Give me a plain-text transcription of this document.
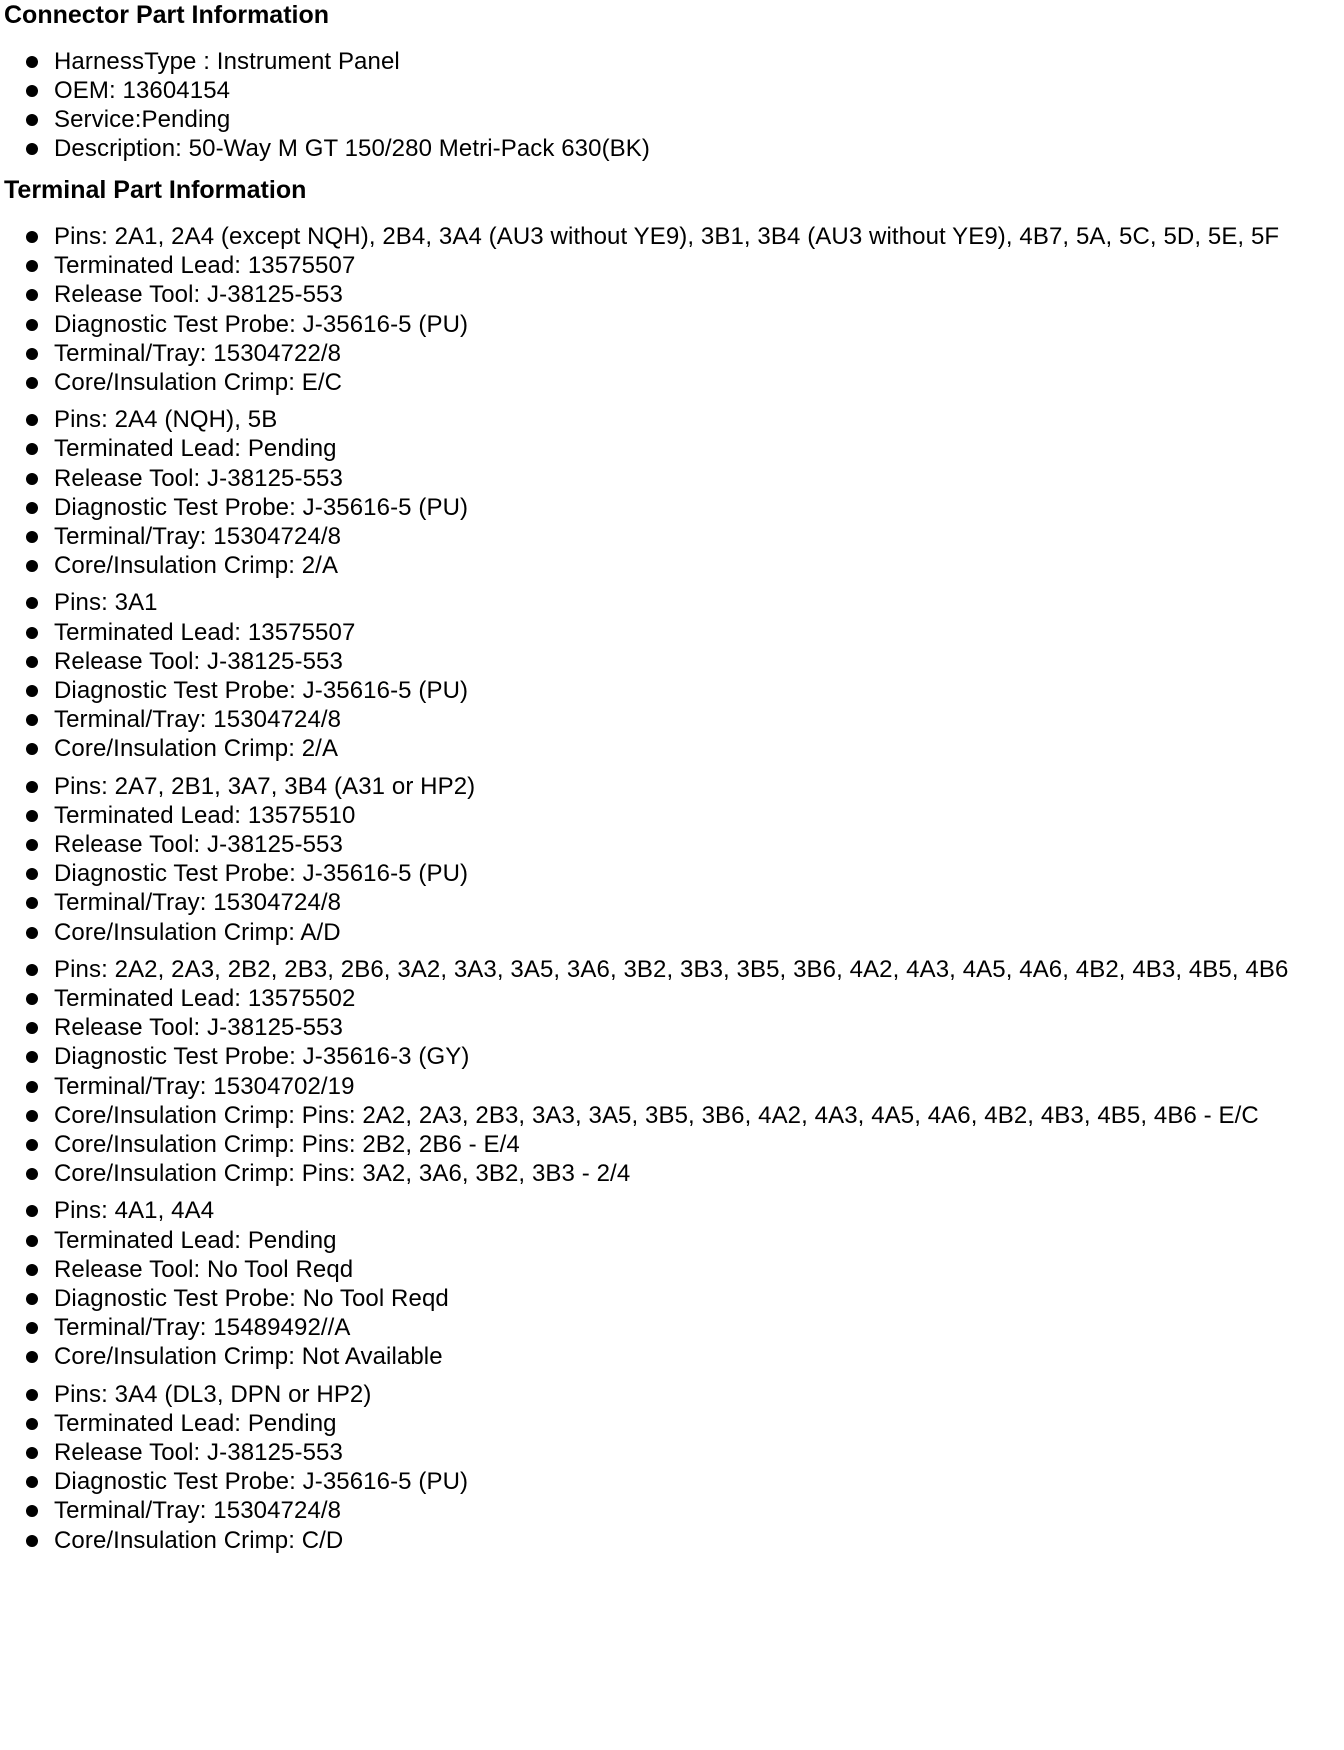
Connector Part Information
HarnessType : Instrument Panel
OEM: 13604154
Service:Pending
Description: 50-Way M GT 150/280 Metri-Pack 630(BK)
Terminal Part Information
Pins: 2A1, 2A4 (except NQH), 2B4, 3A4 (AU3 without YE9), 3B1, 3B4 (AU3 without YE9), 4B7, 5A, 5C, 5D, 5E, 5F
Terminated Lead: 13575507
Release Tool: J-38125-553
Diagnostic Test Probe: J-35616-5 (PU)
Terminal/Tray: 15304722/8
Core/Insulation Crimp: E/C
Pins: 2A4 (NQH), 5B
Terminated Lead: Pending
Release Tool: J-38125-553
Diagnostic Test Probe: J-35616-5 (PU)
Terminal/Tray: 15304724/8
Core/Insulation Crimp: 2/A
Pins: 3A1
Terminated Lead: 13575507
Release Tool: J-38125-553
Diagnostic Test Probe: J-35616-5 (PU)
Terminal/Tray: 15304724/8
Core/Insulation Crimp: 2/A
Pins: 2A7, 2B1, 3A7, 3B4 (A31 or HP2)
Terminated Lead: 13575510
Release Tool: J-38125-553
Diagnostic Test Probe: J-35616-5 (PU)
Terminal/Tray: 15304724/8
Core/Insulation Crimp: A/D
Pins: 2A2, 2A3, 2B2, 2B3, 2B6, 3A2, 3A3, 3A5, 3A6, 3B2, 3B3, 3B5, 3B6, 4A2, 4A3, 4A5, 4A6, 4B2, 4B3, 4B5, 4B6
Terminated Lead: 13575502
Release Tool: J-38125-553
Diagnostic Test Probe: J-35616-3 (GY)
Terminal/Tray: 15304702/19
Core/Insulation Crimp: Pins: 2A2, 2A3, 2B3, 3A3, 3A5, 3B5, 3B6, 4A2, 4A3, 4A5, 4A6, 4B2, 4B3, 4B5, 4B6 - E/C
Core/Insulation Crimp: Pins: 2B2, 2B6 - E/4
Core/Insulation Crimp: Pins: 3A2, 3A6, 3B2, 3B3 - 2/4
Pins: 4A1, 4A4
Terminated Lead: Pending
Release Tool: No Tool Reqd
Diagnostic Test Probe: No Tool Reqd
Terminal/Tray: 15489492//A
Core/Insulation Crimp: Not Available
Pins: 3A4 (DL3, DPN or HP2)
Terminated Lead: Pending
Release Tool: J-38125-553
Diagnostic Test Probe: J-35616-5 (PU)
Terminal/Tray: 15304724/8
Core/Insulation Crimp: C/D
